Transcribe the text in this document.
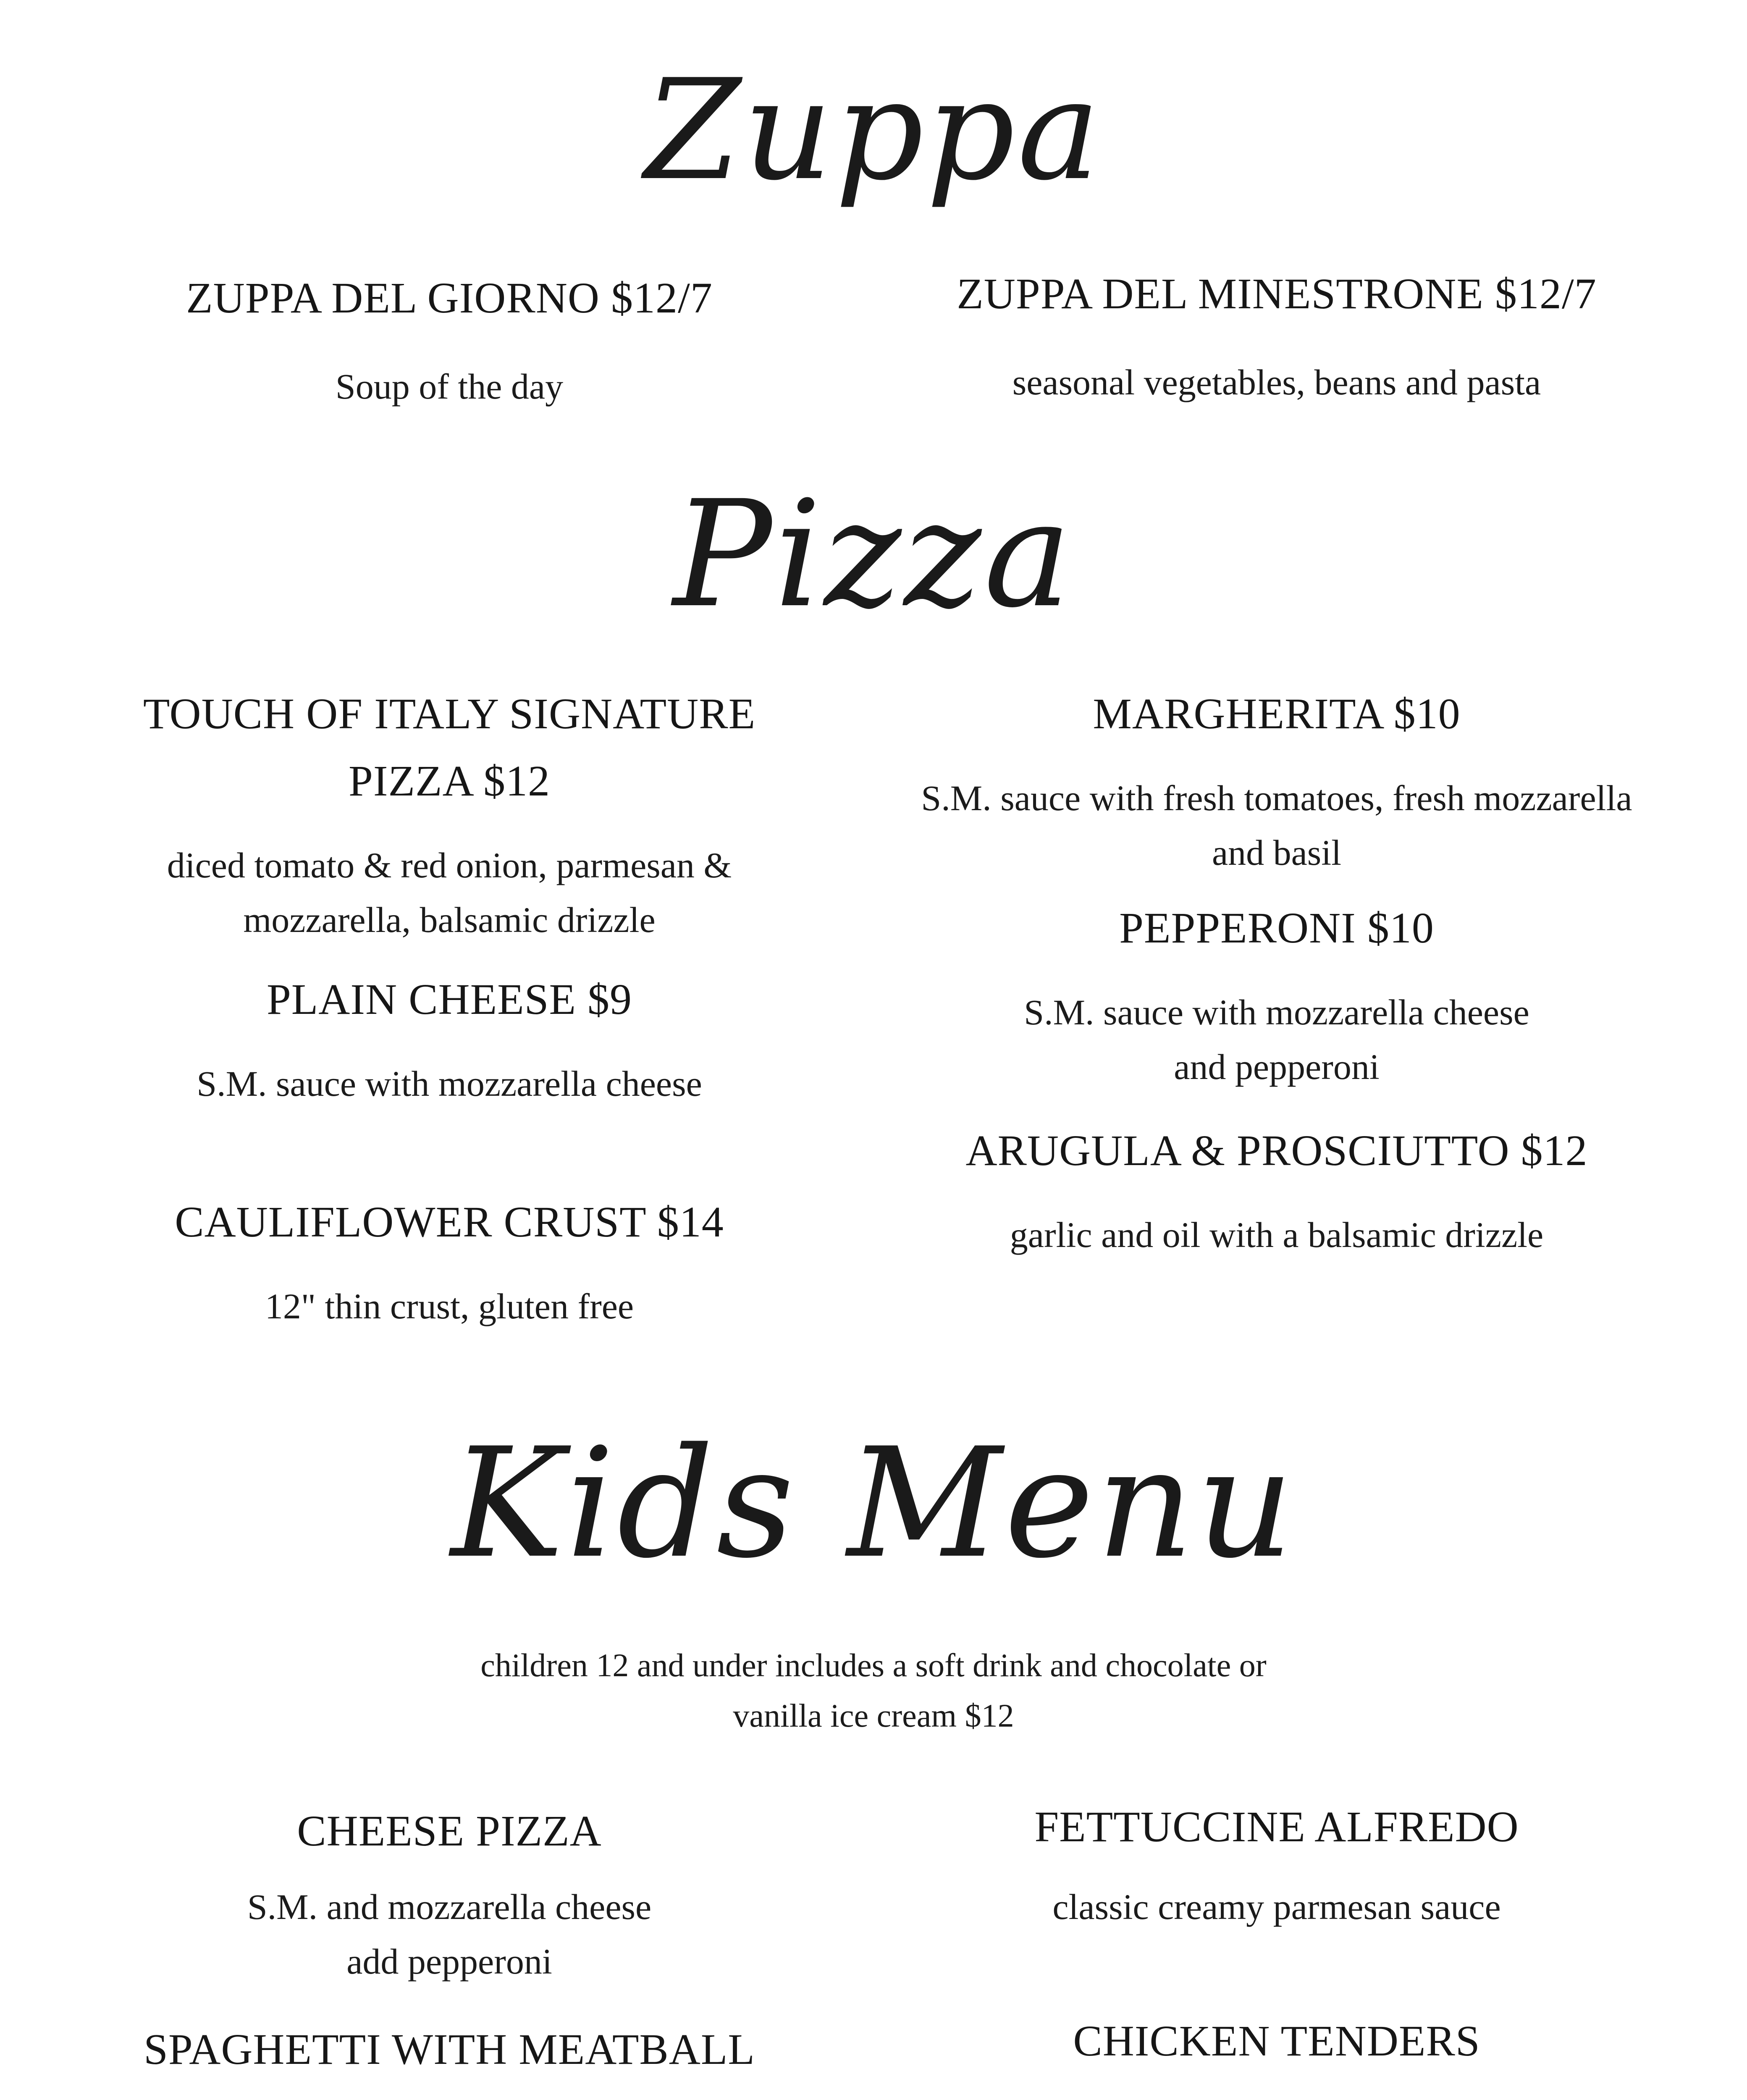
Zuppa
ZUPPA DEL GIORNO $12/7
Soup of the day
ZUPPA DEL MINESTRONE $12/7
seasonal vegetables, beans and pasta
Pizza
TOUCH OF ITALY SIGNATURE
PIZZA $12
diced tomato & red onion, parmesan &
mozzarella, balsamic drizzle
PLAIN CHEESE $9
S.M. sauce with mozzarella cheese
CAULIFLOWER CRUST $14
12" thin crust, gluten free
MARGHERITA $10
S.M. sauce with fresh tomatoes, fresh mozzarella
and basil
PEPPERONI $10
S.M. sauce with mozzarella cheese
and pepperoni
ARUGULA & PROSCIUTTO $12
garlic and oil with a balsamic drizzle
Kids Menu
children 12 and under includes a soft drink and chocolate or
vanilla ice cream $12
CHEESE PIZZA
S.M. and mozzarella cheese
add pepperoni
SPAGHETTI WITH MEATBALL
FETTUCCINE ALFREDO
classic creamy parmesan sauce
CHICKEN TENDERS
